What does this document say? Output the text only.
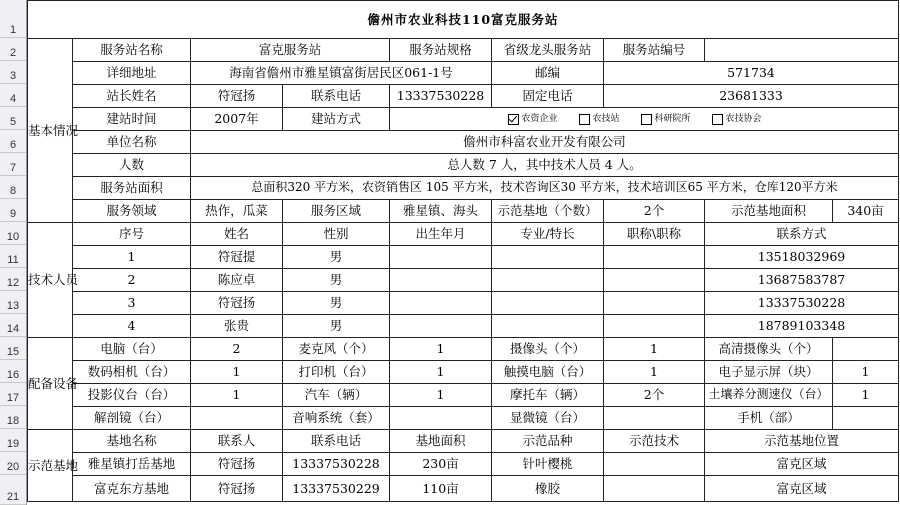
1
2
3
4
5
6
7
8
9
10
11
12
13
14
15
16
17
18
19
20
21
儋州市农业科技110富克服务站								
基本情况	服务站名称	富克服务站		服务站规格	省级龙头服务站	服务站编号		
	详细地址	海南省儋州市雅星镇富街居民区061-1号			邮编	571734		
	站长姓名	符冠扬	联系电话	13337530228	固定电话	23681333		
	建站时间	2007年	建站方式	农资企业 农技站 科研院所 农技协会				
	单位名称	儋州市科富农业开发有限公司						
	人数	总人数 7 人，其中技术人员 4 人。						
	服务站面积	总面积320 平方米，农资销售区 105 平方米，技术咨询区30 平方米，技术培训区65 平方米，仓库120平方米						
	服务领域	热作，瓜菜	服务区域	雅星镇、海头	示范基地（个数）	2个	示范基地面积	340亩
技术人员	序号	姓名	性别	出生年月	专业/特长	职称\职称	联系方式	
	1	符冠提	男				13518032969	
	2	陈应卓	男				13687583787	
	3	符冠扬	男				13337530228	
	4	张贵	男				18789103348	
配备设备	电脑（台）	2	麦克风（个）	1	摄像头（个）	1	高清摄像头（个）	
	数码相机（台）	1	打印机（台）	1	触摸电脑（台）	1	电子显示屏（块）	1
	投影仪台（台）	1	汽车（辆）	1	摩托车（辆）	2个	土壤养分测速仪（台）	1
	解剖镜（台）		音响系统（套）		显微镜（台）		手机（部）	
示范基地	基地名称	联系人	联系电话	基地面积	示范品种	示范技术	示范基地位置	
	雅星镇打岳基地	符冠扬	13337530228	230亩	针叶樱桃		富克区域	
	富克东方基地	符冠扬	13337530229	110亩	橡胶		富克区域	
